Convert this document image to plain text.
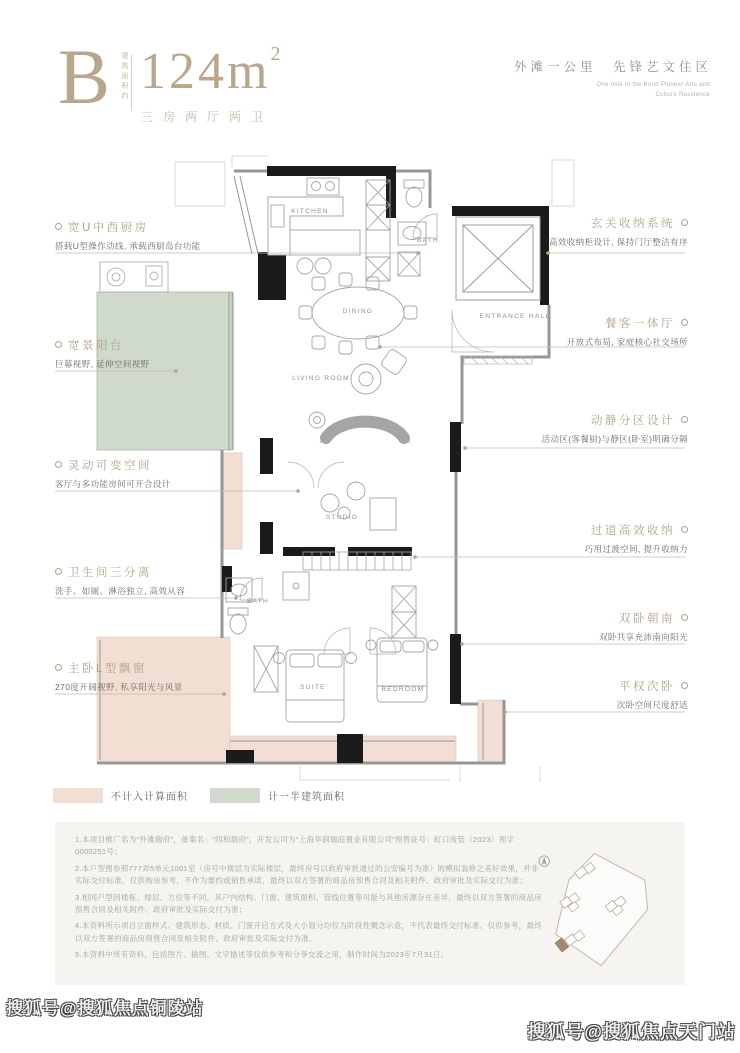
B 建筑面积约 $124m^2$
三房两厅两卫
外滩一公里　先锋艺文住区
One mile to the Bund Pioneer Arts and
Culture Residence
KITCHEN
BATH
DINING
ENTRANCE HALL
LIVING ROOM
STUDIO
BATH
SUITE	BEDROOM
宽U中西厨房
搭载U型操作动线, 承载西厨岛台功能
宽景阳台
巨幕视野, 延伸空间视野
灵动可变空间
客厅与多功能房间可开合设计
卫生间三分离
洗手、如厕、淋浴独立, 高效从容
主卧L型飘窗
270度开阔视野, 私享阳光与风景
玄关收纳系统
高效收纳柜设计, 保持门厅整洁有序
餐客一体厅
开放式布局, 家庭核心社交场所
动静分区设计
活动区(客餐厨)与静区(卧室)明确分隔
过道高效收纳
巧用过渡空间, 提升收纳力
双卧朝南
双卧共享充沛南向阳光
平权次卧
次卧空间尺度舒适
不计入计算面积	计一半建筑面积

1.本项目推广名为“外滩瑞府”，备案名：“四和瑞府”，开发公司为“上海华润瑞庭置业有限公司”预售证号：虹口房管（2023）预字0000251号；

2.本户型图参照777弄5单元1001室（房号中楼层为实际楼层，最终房号以政府审批通过的公安编号为准）的模拟装修之美好效果，并非实际交付标准、仅供购房参考，不作为要约或销售承诺，最终以双方签署的商品房预售合同及相关附件、政府审批及实际交付为准；

3.相同户型因楼栋、楼层、方位等不同，其户内结构、门窗、建筑面积、管线位置等可能与其他房源存在差异，最终以双方签署的商品房预售合同及相关附件、政府审批及实际交付为准；

4.本资料所示项目立面样式、建筑形态、材质、门窗开启方式及大小划分均仅为阶段性概念示意，不代表最终交付标准、仅供参考，最终以双方签署的商品房预售合同及相关附件、政府审批及实际交付为准。

5.本资料中所有资料，包括图片、插图、文字描述等仅供参考和分享交流之用，制作时间为2023年7月31日。

搜狐号@搜狐焦点铜陵站
搜狐号@搜狐焦点天门站
